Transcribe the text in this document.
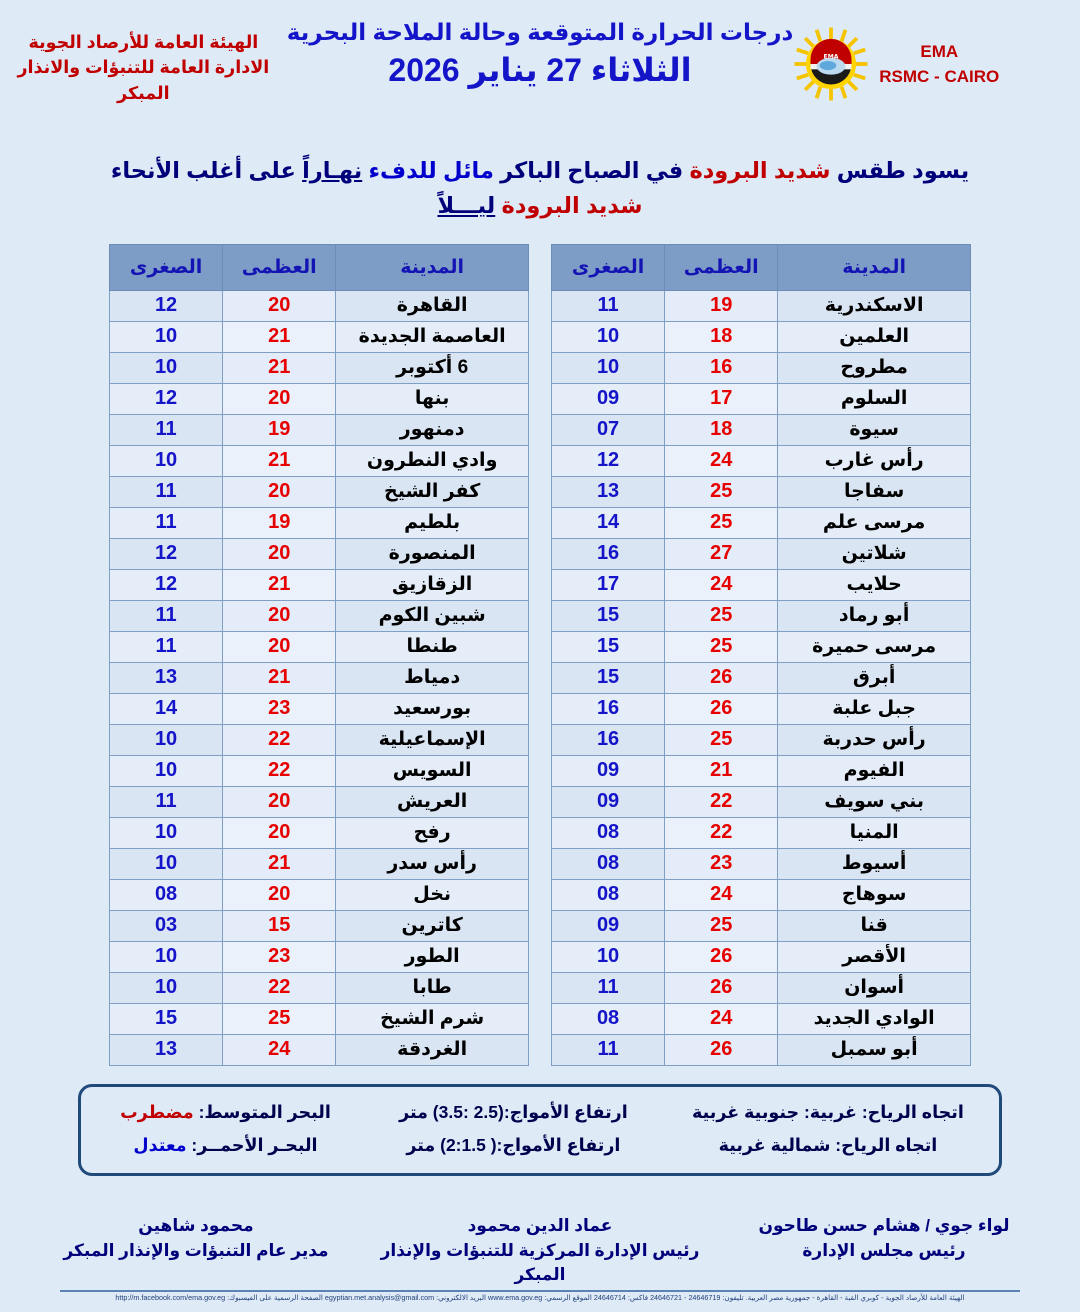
الهيئة العامة للأرصاد الجوية
الادارة العامة للتنبؤات والانذار المبكر
درجات الحرارة المتوقعة وحالة الملاحة البحرية
الثلاثاء 27 يناير 2026	EMA	EMA
RSMC - CAIRO
يسود طقس شديد البرودة في الصباح الباكر مائل للدفء نهـاراً على أغلب الأنحاء
شديد البرودة ليـــلاً
المدينة	العظمى	الصغرى
القاهرة	20	12
العاصمة الجديدة	21	10
6 أكتوبر	21	10
بنها	20	12
دمنهور	19	11
وادي النطرون	21	10
كفر الشيخ	20	11
بلطيم	19	11
المنصورة	20	12
الزقازيق	21	12
شبين الكوم	20	11
طنطا	20	11
دمياط	21	13
بورسعيد	23	14
الإسماعيلية	22	10
السويس	22	10
العريش	20	11
رفح	20	10
رأس سدر	21	10
نخل	20	08
كاترين	15	03
الطور	23	10
طابا	22	10
شرم الشيخ	25	15
الغردقة	24	13
المدينة	العظمى	الصغرى
الاسكندرية	19	11
العلمين	18	10
مطروح	16	10
السلوم	17	09
سيوة	18	07
رأس غارب	24	12
سفاجا	25	13
مرسى علم	25	14
شلاتين	27	16
حلايب	24	17
أبو رماد	25	15
مرسى حميرة	25	15
أبرق	26	15
جبل علبة	26	16
رأس حدربة	25	16
الفيوم	21	09
بني سويف	22	09
المنيا	22	08
أسيوط	23	08
سوهاج	24	08
قنا	25	09
الأقصر	26	10
أسوان	26	11
الوادي الجديد	24	08
أبو سمبل	26	11
البحر المتوسط: مضطرب	ارتفاع الأمواج:(2.5 :3.5) متر	اتجاه الرياح: غربية: جنوبية غربية
البحـر الأحمــر: معتدل	ارتفاع الأمواج:( 2:1.5) متر	اتجاه الرياح: شمالية غربية
محمود شاهين
مدير عام التنبؤات والإنذار المبكر
عماد الدين محمود
رئيس الإدارة المركزية للتنبؤات والإنذار المبكر
لواء جوي / هشام حسن طاحون
رئيس مجلس الإدارة
الهيئة العامة للأرصاد الجوية - كوبري القبة - القاهرة - جمهورية مصر العربية. تليفون: 24646719 - 24646721 فاكس: 24646714 الموقع الرسمي: www.ema.gov.eg البريد الالكتروني: egyptian.met.analysis@gmail.com الصفحة الرسمية على الفيسبوك: http://m.facebook.com/ema.gov.eg
